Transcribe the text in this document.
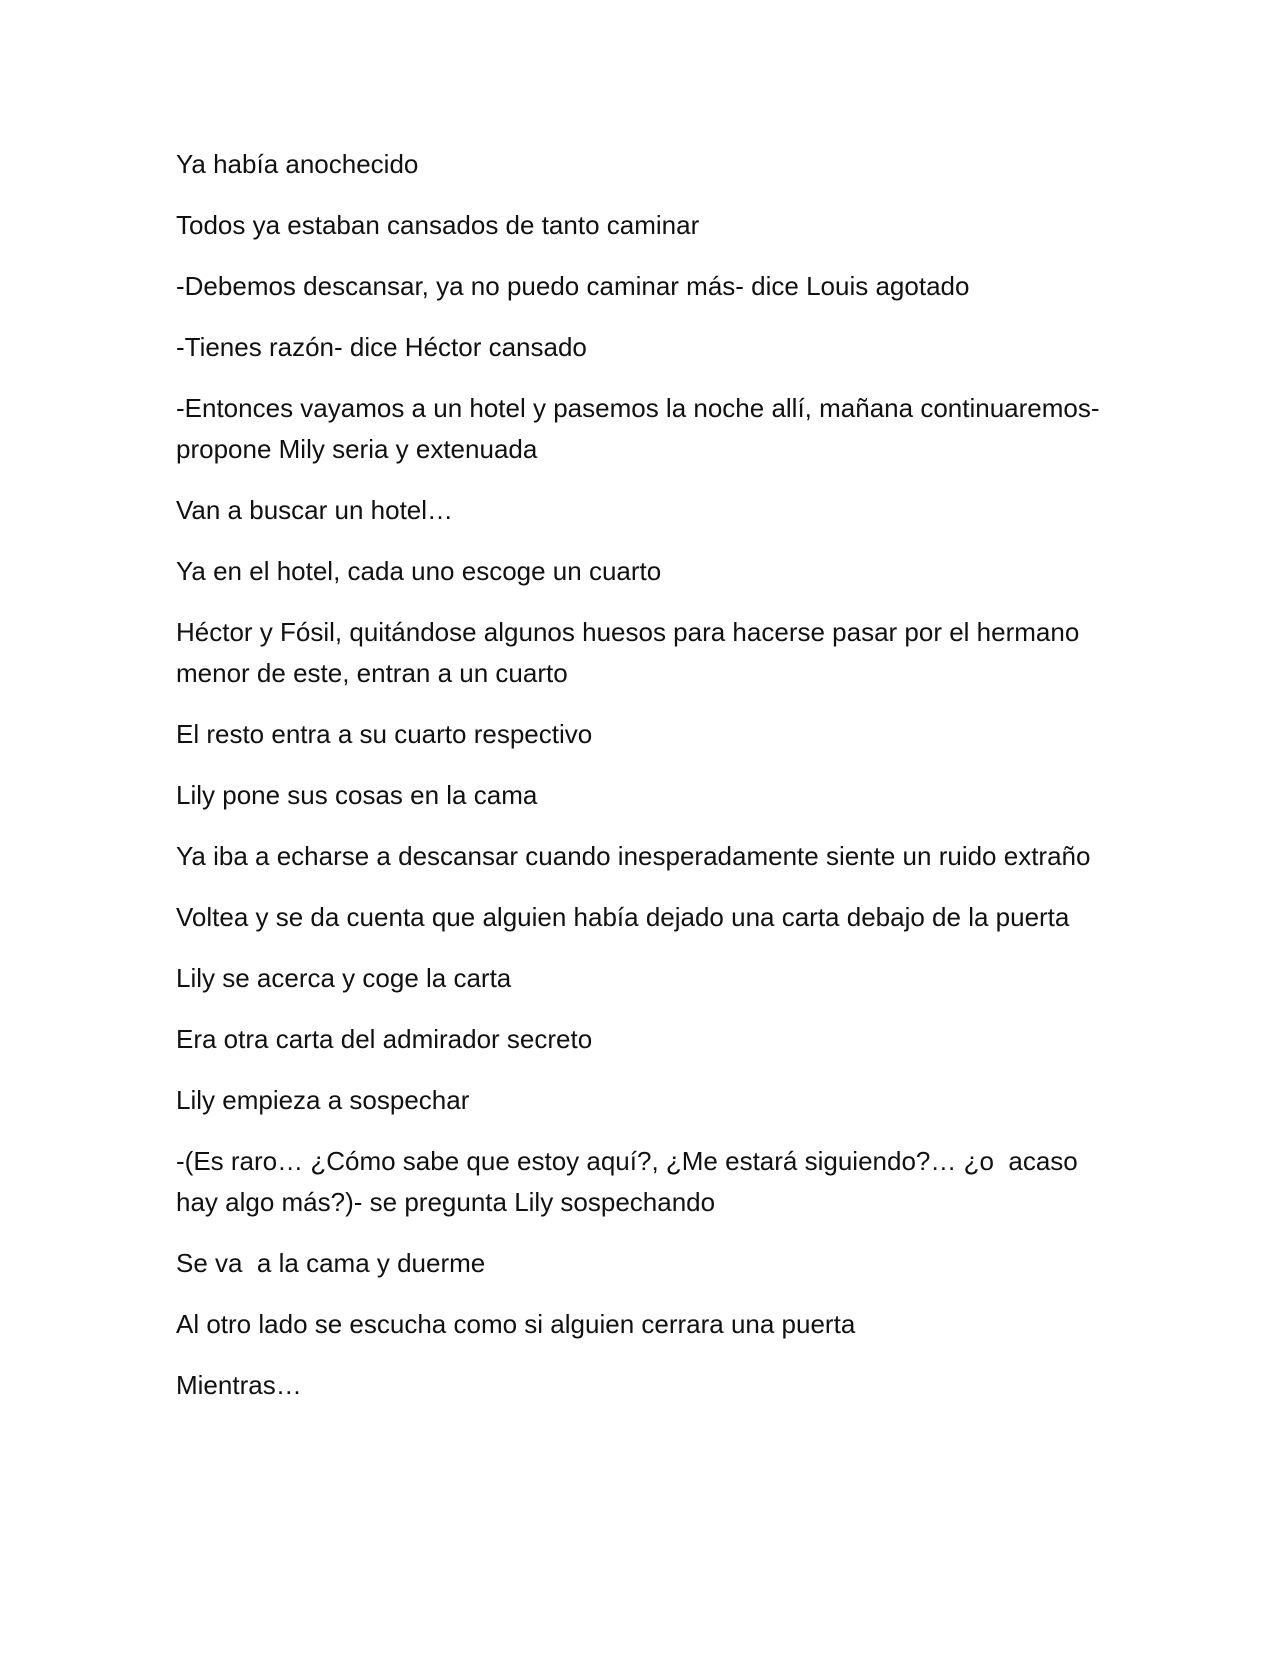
Ya había anochecido

Todos ya estaban cansados de tanto caminar

-Debemos descansar, ya no puedo caminar más- dice Louis agotado

-Tienes razón- dice Héctor cansado

-Entonces vayamos a un hotel y pasemos la noche allí, mañana continuaremos- propone Mily seria y extenuada

Van a buscar un hotel…

Ya en el hotel, cada uno escoge un cuarto

Héctor y Fósil, quitándose algunos huesos para hacerse pasar por el hermano menor de este, entran a un cuarto

El resto entra a su cuarto respectivo

Lily pone sus cosas en la cama

Ya iba a echarse a descansar cuando inesperadamente siente un ruido extraño

Voltea y se da cuenta que alguien había dejado una carta debajo de la puerta

Lily se acerca y coge la carta

Era otra carta del admirador secreto

Lily empieza a sospechar

-(Es raro… ¿Cómo sabe que estoy aquí?, ¿Me estará siguiendo?… ¿o  acaso hay algo más?)- se pregunta Lily sospechando

Se va  a la cama y duerme

Al otro lado se escucha como si alguien cerrara una puerta

Mientras…
